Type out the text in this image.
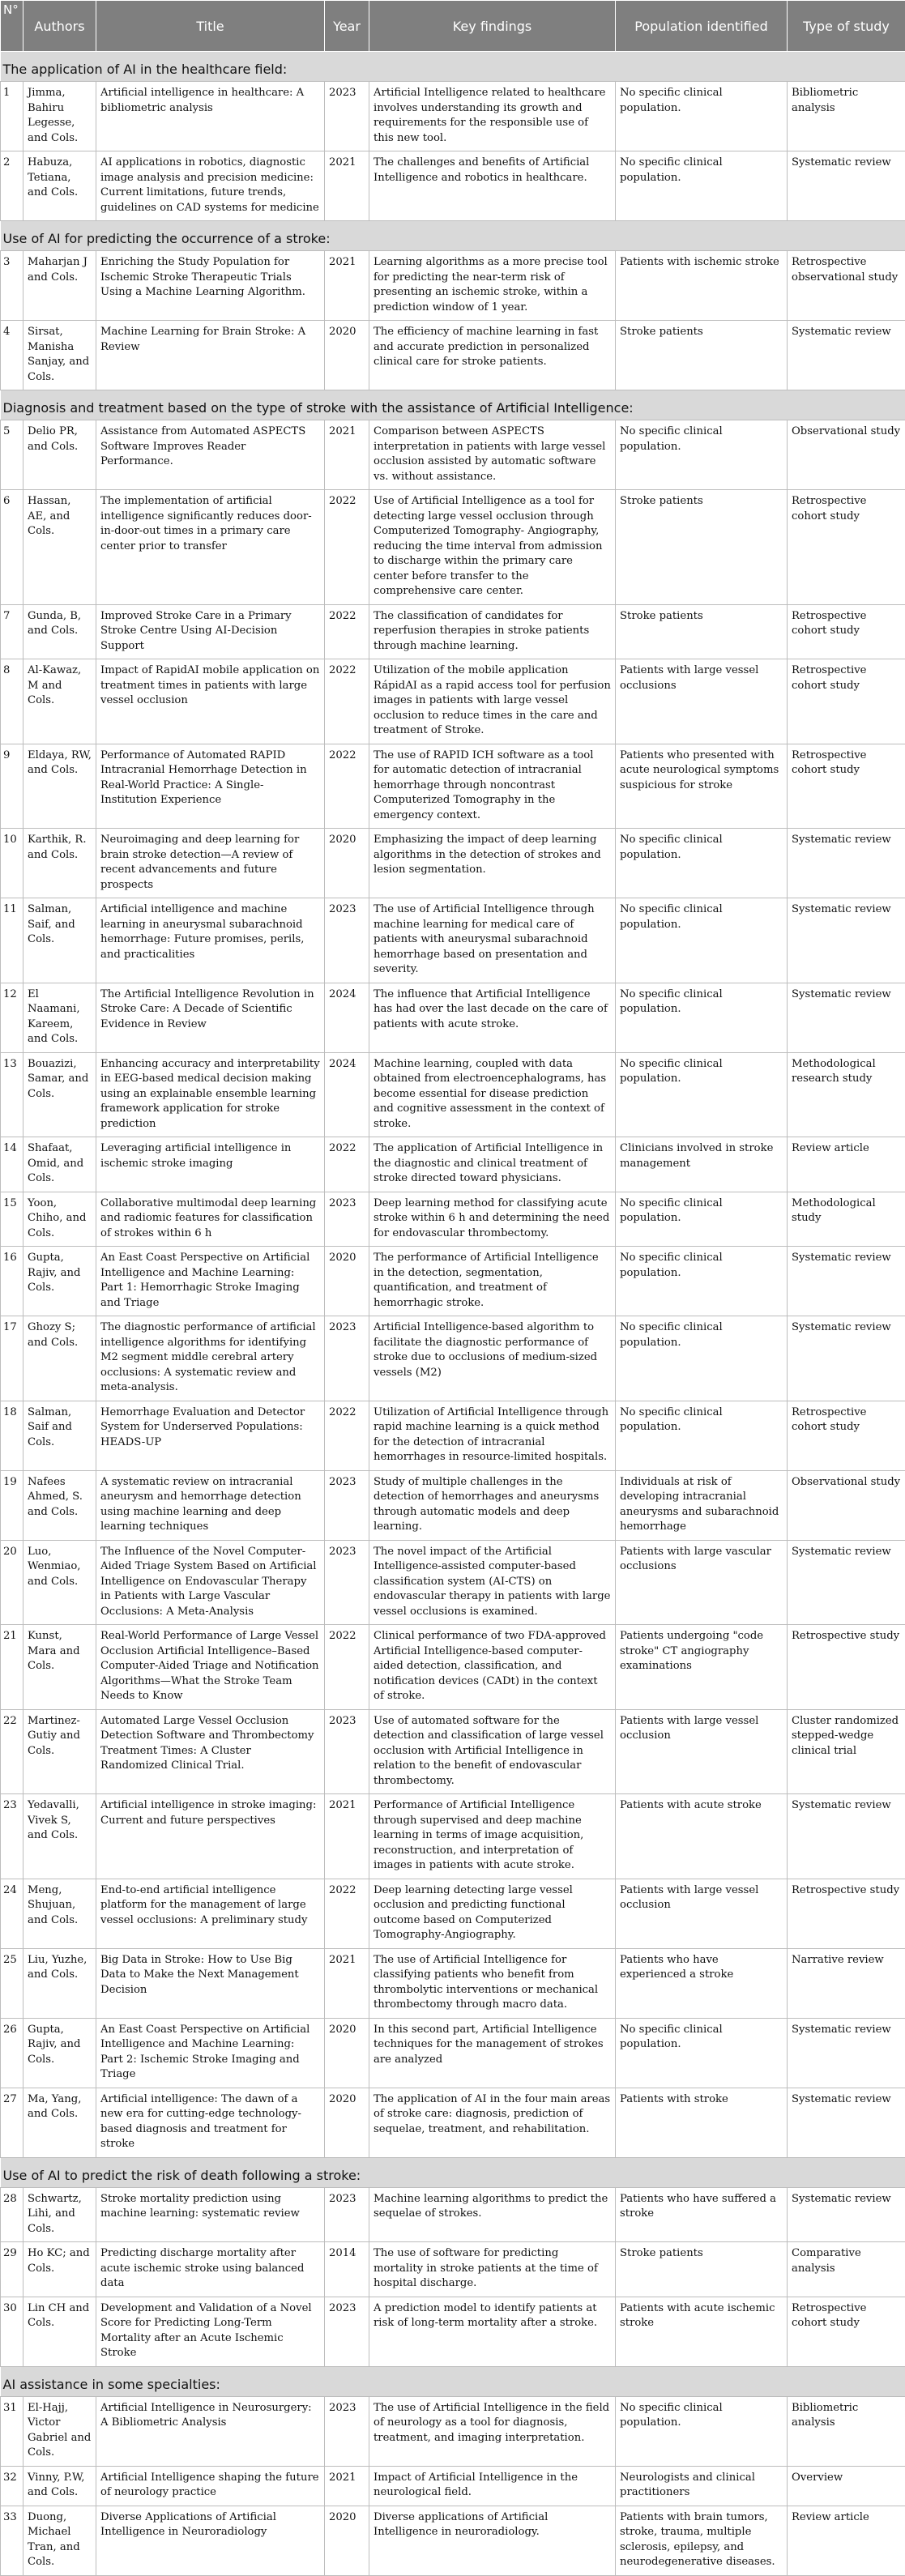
N°	Authors	Title	Year	Key findings	Population identified	Type of study
The application of AI in the healthcare field:						
1	Jimma, Bahiru Legesse, and Cols.	Artificial intelligence in healthcare: A bibliometric analysis	2023	Artificial Intelligence related to healthcare involves understanding its growth and requirements for the responsible use of this new tool.	No specific clinical population.	Bibliometric analysis
2	Habuza, Tetiana, and Cols.	AI applications in robotics, diagnostic image analysis and precision medicine: Current limitations, future trends, guidelines on CAD systems for medicine	2021	The challenges and benefits of Artificial Intelligence and robotics in healthcare.	No specific clinical population.	Systematic review
Use of AI for predicting the occurrence of a stroke:						
3	Maharjan J and Cols.	Enriching the Study Population for Ischemic Stroke Therapeutic Trials Using a Machine Learning Algorithm.	2021	Learning algorithms as a more precise tool for predicting the near-term risk of presenting an ischemic stroke, within a prediction window of 1 year.	Patients with ischemic stroke	Retrospective observational study
4	Sirsat, Manisha Sanjay, and Cols.	Machine Learning for Brain Stroke: A Review	2020	The efficiency of machine learning in fast and accurate prediction in personalized clinical care for stroke patients.	Stroke patients	Systematic review
Diagnosis and treatment based on the type of stroke with the assistance of Artificial Intelligence:						
5	Delio PR, and Cols.	Assistance from Automated ASPECTS Software Improves Reader Performance.	2021	Comparison between ASPECTS interpretation in patients with large vessel occlusion assisted by automatic software vs. without assistance.	No specific clinical population.	Observational study
6	Hassan, AE, and Cols.	The implementation of artificial intelligence significantly reduces door-in-door-out times in a primary care center prior to transfer	2022	Use of Artificial Intelligence as a tool for detecting large vessel occlusion through Computerized Tomography- Angiography, reducing the time interval from admission to discharge within the primary care center before transfer to the comprehensive care center.	Stroke patients	Retrospective cohort study
7	Gunda, B, and Cols.	Improved Stroke Care in a Primary Stroke Centre Using AI-Decision Support	2022	The classification of candidates for reperfusion therapies in stroke patients through machine learning.	Stroke patients	Retrospective cohort study
8	Al-Kawaz, M and Cols.	Impact of RapidAI mobile application on treatment times in patients with large vessel occlusion	2022	Utilization of the mobile application RápidAI as a rapid access tool for perfusion images in patients with large vessel occlusion to reduce times in the care and treatment of Stroke.	Patients with large vessel occlusions	Retrospective cohort study
9	Eldaya, RW, and Cols.	Performance of Automated RAPID Intracranial Hemorrhage Detection in Real-World Practice: A Single-Institution Experience	2022	The use of RAPID ICH software as a tool for automatic detection of intracranial hemorrhage through noncontrast Computerized Tomography in the emergency context.	Patients who presented with acute neurological symptoms suspicious for stroke	Retrospective cohort study
10	Karthik, R. and Cols.	Neuroimaging and deep learning for brain stroke detection—A review of recent advancements and future prospects	2020	Emphasizing the impact of deep learning algorithms in the detection of strokes and lesion segmentation.	No specific clinical population.	Systematic review
11	Salman, Saif, and Cols.	Artificial intelligence and machine learning in aneurysmal subarachnoid hemorrhage: Future promises, perils, and practicalities	2023	The use of Artificial Intelligence through machine learning for medical care of patients with aneurysmal subarachnoid hemorrhage based on presentation and severity.	No specific clinical population.	Systematic review
12	El Naamani, Kareem, and Cols.	The Artificial Intelligence Revolution in Stroke Care: A Decade of Scientific Evidence in Review	2024	The influence that Artificial Intelligence has had over the last decade on the care of patients with acute stroke.	No specific clinical population.	Systematic review
13	Bouazizi, Samar, and Cols.	Enhancing accuracy and interpretability in EEG-based medical decision making using an explainable ensemble learning framework application for stroke prediction	2024	Machine learning, coupled with data obtained from electroencephalograms, has become essential for disease prediction and cognitive assessment in the context of stroke.	No specific clinical population.	Methodological research study
14	Shafaat, Omid, and Cols.	Leveraging artificial intelligence in ischemic stroke imaging	2022	The application of Artificial Intelligence in the diagnostic and clinical treatment of stroke directed toward physicians.	Clinicians involved in stroke management	Review article
15	Yoon, Chiho, and Cols.	Collaborative multimodal deep learning and radiomic features for classification of strokes within 6 h	2023	Deep learning method for classifying acute stroke within 6 h and determining the need for endovascular thrombectomy.	No specific clinical population.	Methodological study
16	Gupta, Rajiv, and Cols.	An East Coast Perspective on Artificial Intelligence and Machine Learning: Part 1: Hemorrhagic Stroke Imaging and Triage	2020	The performance of Artificial Intelligence in the detection, segmentation, quantification, and treatment of hemorrhagic stroke.	No specific clinical population.	Systematic review
17	Ghozy S; and Cols.	The diagnostic performance of artificial intelligence algorithms for identifying M2 segment middle cerebral artery occlusions: A systematic review and meta-analysis.	2023	Artificial Intelligence-based algorithm to facilitate the diagnostic performance of stroke due to occlusions of medium-sized vessels (M2)	No specific clinical population.	Systematic review
18	Salman, Saif and Cols.	Hemorrhage Evaluation and Detector System for Underserved Populations: HEADS-UP	2022	Utilization of Artificial Intelligence through rapid machine learning is a quick method for the detection of intracranial hemorrhages in resource-limited hospitals.	No specific clinical population.	Retrospective cohort study
19	Nafees Ahmed, S. and Cols.	A systematic review on intracranial aneurysm and hemorrhage detection using machine learning and deep learning techniques	2023	Study of multiple challenges in the detection of hemorrhages and aneurysms through automatic models and deep learning.	Individuals at risk of developing intracranial aneurysms and subarachnoid hemorrhage	Observational study
20	Luo, Wenmiao, and Cols.	The Influence of the Novel Computer-Aided Triage System Based on Artificial Intelligence on Endovascular Therapy in Patients with Large Vascular Occlusions: A Meta-Analysis	2023	The novel impact of the Artificial Intelligence-assisted computer-based classification system (AI-CTS) on endovascular therapy in patients with large vessel occlusions is examined.	Patients with large vascular occlusions	Systematic review
21	Kunst, Mara and Cols.	Real-World Performance of Large Vessel Occlusion Artificial Intelligence–Based Computer-Aided Triage and Notification Algorithms—What the Stroke Team Needs to Know	2022	Clinical performance of two FDA-approved Artificial Intelligence-based computer-aided detection, classification, and notification devices (CADt) in the context of stroke.	Patients undergoing "code stroke" CT angiography examinations	Retrospective study
22	Martinez-Gutiy and Cols.	Automated Large Vessel Occlusion Detection Software and Thrombectomy Treatment Times: A Cluster Randomized Clinical Trial.	2023	Use of automated software for the detection and classification of large vessel occlusion with Artificial Intelligence in relation to the benefit of endovascular thrombectomy.	Patients with large vessel occlusion	Cluster randomized stepped-wedge clinical trial
23	Yedavalli, Vivek S, and Cols.	Artificial intelligence in stroke imaging: Current and future perspectives	2021	Performance of Artificial Intelligence through supervised and deep machine learning in terms of image acquisition, reconstruction, and interpretation of images in patients with acute stroke.	Patients with acute stroke	Systematic review
24	Meng, Shujuan, and Cols.	End-to-end artificial intelligence platform for the management of large vessel occlusions: A preliminary study	2022	Deep learning detecting large vessel occlusion and predicting functional outcome based on Computerized Tomography-Angiography.	Patients with large vessel occlusion	Retrospective study
25	Liu, Yuzhe, and Cols.	Big Data in Stroke: How to Use Big Data to Make the Next Management Decision	2021	The use of Artificial Intelligence for classifying patients who benefit from thrombolytic interventions or mechanical thrombectomy through macro data.	Patients who have experienced a stroke	Narrative review
26	Gupta, Rajiv, and Cols.	An East Coast Perspective on Artificial Intelligence and Machine Learning: Part 2: Ischemic Stroke Imaging and Triage	2020	In this second part, Artificial Intelligence techniques for the management of strokes are analyzed	No specific clinical population.	Systematic review
27	Ma, Yang, and Cols.	Artificial intelligence: The dawn of a new era for cutting-edge technology-based diagnosis and treatment for stroke	2020	The application of AI in the four main areas of stroke care: diagnosis, prediction of sequelae, treatment, and rehabilitation.	Patients with stroke	Systematic review
Use of AI to predict the risk of death following a stroke:						
28	Schwartz, Lihi, and Cols.	Stroke mortality prediction using machine learning: systematic review	2023	Machine learning algorithms to predict the sequelae of strokes.	Patients who have suffered a stroke	Systematic review
29	Ho KC; and Cols.	Predicting discharge mortality after acute ischemic stroke using balanced data	2014	The use of software for predicting mortality in stroke patients at the time of hospital discharge.	Stroke patients	Comparative analysis
30	Lin CH and Cols.	Development and Validation of a Novel Score for Predicting Long-Term Mortality after an Acute Ischemic Stroke	2023	A prediction model to identify patients at risk of long-term mortality after a stroke.	Patients with acute ischemic stroke	Retrospective cohort study
AI assistance in some specialties:						
31	El-Hajj, Victor Gabriel and Cols.	Artificial Intelligence in Neurosurgery: A Bibliometric Analysis	2023	The use of Artificial Intelligence in the field of neurology as a tool for diagnosis, treatment, and imaging interpretation.	No specific clinical population.	Bibliometric analysis
32	Vinny, P.W, and Cols.	Artificial Intelligence shaping the future of neurology practice	2021	Impact of Artificial Intelligence in the neurological field.	Neurologists and clinical practitioners	Overview
33	Duong, Michael Tran, and Cols.	Diverse Applications of Artificial Intelligence in Neuroradiology	2020	Diverse applications of Artificial Intelligence in neuroradiology.	Patients with brain tumors, stroke, trauma, multiple sclerosis, epilepsy, and neurodegenerative diseases.	Review article
